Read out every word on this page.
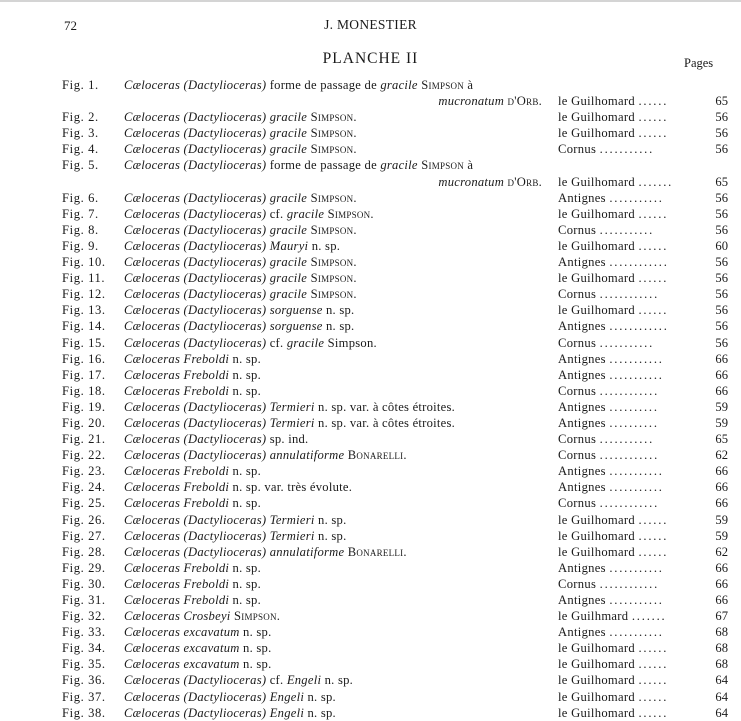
72	J. MONESTIER
PLANCHE II	Pages
Fig. 1. Cæloceras (Dactylioceras) forme de passage de gracile Simpson à
mucronatum d'Orb. le Guilhomard ......	65
Fig. 2. Cæloceras (Dactylioceras) gracile Simpson.	le Guilhomard ......	56
Fig. 3. Cæloceras (Dactylioceras) gracile Simpson.	le Guilhomard ......	56
Fig. 4. Cæloceras (Dactylioceras) gracile Simpson.	Cornus ...........	56
Fig. 5. Cæloceras (Dactylioceras) forme de passage de gracile Simpson à
mucronatum d'Orb. le Guilhomard .......	65
Fig. 6. Cæloceras (Dactylioceras) gracile Simpson.	Antignes ...........	56
Fig. 7. Cæloceras (Dactylioceras) cf. gracile Simpson.	le Guilhomard ......	56
Fig. 8. Cæloceras (Dactylioceras) gracile Simpson.	Cornus ...........	56
Fig. 9. Cæloceras (Dactylioceras) Mauryi n. sp.	le Guilhomard ......	60
Fig. 10. Cæloceras (Dactylioceras) gracile Simpson.	Antignes ............	56
Fig. 11. Cæloceras (Dactylioceras) gracile Simpson.	le Guilhomard ......	56
Fig. 12. Cæloceras (Dactylioceras) gracile Simpson.	Cornus ............	56
Fig. 13. Cæloceras (Dactylioceras) sorguense n. sp.	le Guilhomard ......	56
Fig. 14. Cæloceras (Dactylioceras) sorguense n. sp.	Antignes ............	56
Fig. 15. Cæloceras (Dactylioceras) cf. gracile Simpson.	Cornus ...........	56
Fig. 16. Cæloceras Freboldi n. sp.	Antignes ...........	66
Fig. 17. Cæloceras Freboldi n. sp.	Antignes ...........	66
Fig. 18. Cæloceras Freboldi n. sp.	Cornus ............	66
Fig. 19. Cæloceras (Dactylioceras) Termieri n. sp. var. à côtes étroites.	Antignes ..........	59
Fig. 20. Cæloceras (Dactylioceras) Termieri n. sp. var. à côtes étroites.	Antignes ..........	59
Fig. 21. Cæloceras (Dactylioceras) sp. ind.	Cornus ...........	65
Fig. 22. Cæloceras (Dactylioceras) annulatiforme Bonarelli.	Cornus ............	62
Fig. 23. Cæloceras Freboldi n. sp.	Antignes ...........	66
Fig. 24. Cæloceras Freboldi n. sp. var. très évolute.	Antignes ...........	66
Fig. 25. Cæloceras Freboldi n. sp.	Cornus ............	66
Fig. 26. Cæloceras (Dactylioceras) Termieri n. sp.	le Guilhomard ......	59
Fig. 27. Cæloceras (Dactylioceras) Termieri n. sp.	le Guilhomard ......	59
Fig. 28. Cæloceras (Dactylioceras) annulatiforme Bonarelli.	le Guilhomard ......	62
Fig. 29. Cæloceras Freboldi n. sp.	Antignes ...........	66
Fig. 30. Cæloceras Freboldi n. sp.	Cornus ............	66
Fig. 31. Cæloceras Freboldi n. sp.	Antignes ...........	66
Fig. 32. Cæloceras Crosbeyi Simpson.	le Guilhmard .......	67
Fig. 33. Cæloceras excavatum n. sp.	Antignes ...........	68
Fig. 34. Cæloceras excavatum n. sp.	le Guilhomard ......	68
Fig. 35. Cæloceras excavatum n. sp.	le Guilhomard ......	68
Fig. 36. Cæloceras (Dactylioceras) cf. Engeli n. sp.	le Guilhomard ......	64
Fig. 37. Cæloceras (Dactylioceras) Engeli n. sp.	le Guilhomard ......	64
Fig. 38. Cæloceras (Dactylioceras) Engeli n. sp.	le Guilhomard ......	64
